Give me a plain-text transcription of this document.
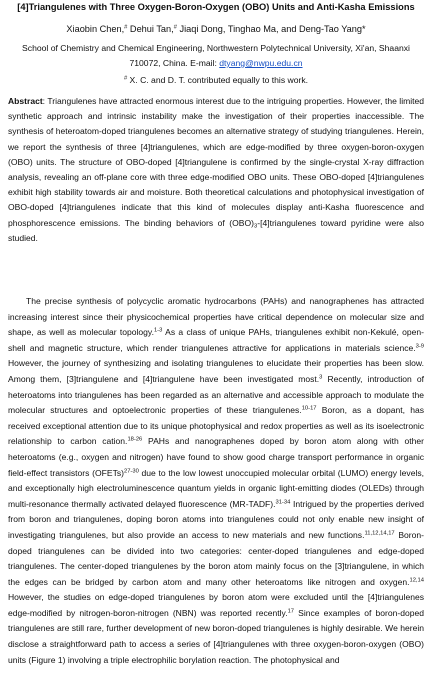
[4]Triangulenes with Three Oxygen-Boron-Oxygen (OBO) Units and Anti-Kasha Emissions
Xiaobin Chen,# Dehui Tan,# Jiaqi Dong, Tinghao Ma, and Deng-Tao Yang*
School of Chemistry and Chemical Engineering, Northwestern Polytechnical University, Xi'an, Shaanxi
710072, China. E-mail: dtyang@nwpu.edu.cn
# X. C. and D. T. contributed equally to this work.
Abstract: Triangulenes have attracted enormous interest due to the intriguing properties. However, the limited synthetic approach and intrinsic instability make the investigation of their properties inaccessible. The synthesis of heteroatom-doped triangulenes becomes an alternative strategy of studying triangulenes. Herein, we report the synthesis of three [4]triangulenes, which are edge-modified by three oxygen-boron-oxygen (OBO) units. The structure of OBO-doped [4]triangulene is confirmed by the single-crystal X-ray diffraction analysis, revealing an off-plane core with three edge-modified OBO units. These OBO-doped [4]triangulenes exhibit high stability towards air and moisture. Both theoretical calculations and photophysical investigation of OBO-doped [4]triangulenes indicate that this kind of molecules display anti-Kasha fluorescence and phosphorescence emissions. The binding behaviors of $(OBO)_3-[4]triangulenes$ toward pyridine were also studied.
The precise synthesis of polycyclic aromatic hydrocarbons (PAHs) and nanographenes has attracted increasing interest since their physicochemical properties have critical dependence on molecular size and shape, as well as molecular topology.$^{1-3}$ As a class of unique PAHs, triangulenes exhibit non-Kekulé, open-shell and magnetic structure, which render triangulenes attractive for applications in materials science.$^{3-9}$ However, the journey of synthesizing and isolating triangulenes to elucidate their properties has been slow. Among them, [3]triangulene and [4]triangulene have been investigated most.$^3$ Recently, introduction of heteroatoms into triangulenes has been regarded as an alternative and accessible approach to modulate the molecular structures and optoelectronic properties of these triangulenes.$^{10-17}$ Boron, as a dopant, has received exceptional attention due to its unique photophysical and redox properties as well as its isoelectronic relationship to carbon cation.$^{18-26}$ PAHs and nanographenes doped by boron atom along with other heteroatoms (e.g., oxygen and nitrogen) have found to show good charge transport performance in organic field-effect transistors (OFETs)$^{27-30}$ due to the low lowest unoccupied molecular orbital (LUMO) energy levels, and exceptionally high electroluminescence quantum yields in organic light-emitting diodes (OLEDs) through multi-resonance thermally activated delayed fluorescence (MR-TADF).$^{31-34}$ Intrigued by the properties derived from boron and triangulenes, doping boron atoms into triangulenes could not only enable new insight of investigating triangulenes, but also provide an access to new materials and new functions.$^{11,12,14,17}$ Boron-doped triangulenes can be divided into two categories: center-doped triangulenes and edge-doped triangulenes. The center-doped triangulenes by the boron atom mainly focus on the [3]triangulene, in which the edges can be bridged by carbon atom and many other heteroatoms like nitrogen and oxygen.$^{12,14}$ However, the studies on edge-doped triangulenes by boron atom were excluded until the [4]triangulenes edge-modified by nitrogen-boron-nitrogen (NBN) was reported recently.$^{17}$ Since examples of boron-doped triangulenes are still rare, further development of new boron-doped triangulenes is highly desirable. We herein disclose a straightforward path to access a series of [4]triangulenes with three oxygen-boron-oxygen (OBO) units (Figure 1) involving a triple electrophilic borylation reaction. The photophysical and
